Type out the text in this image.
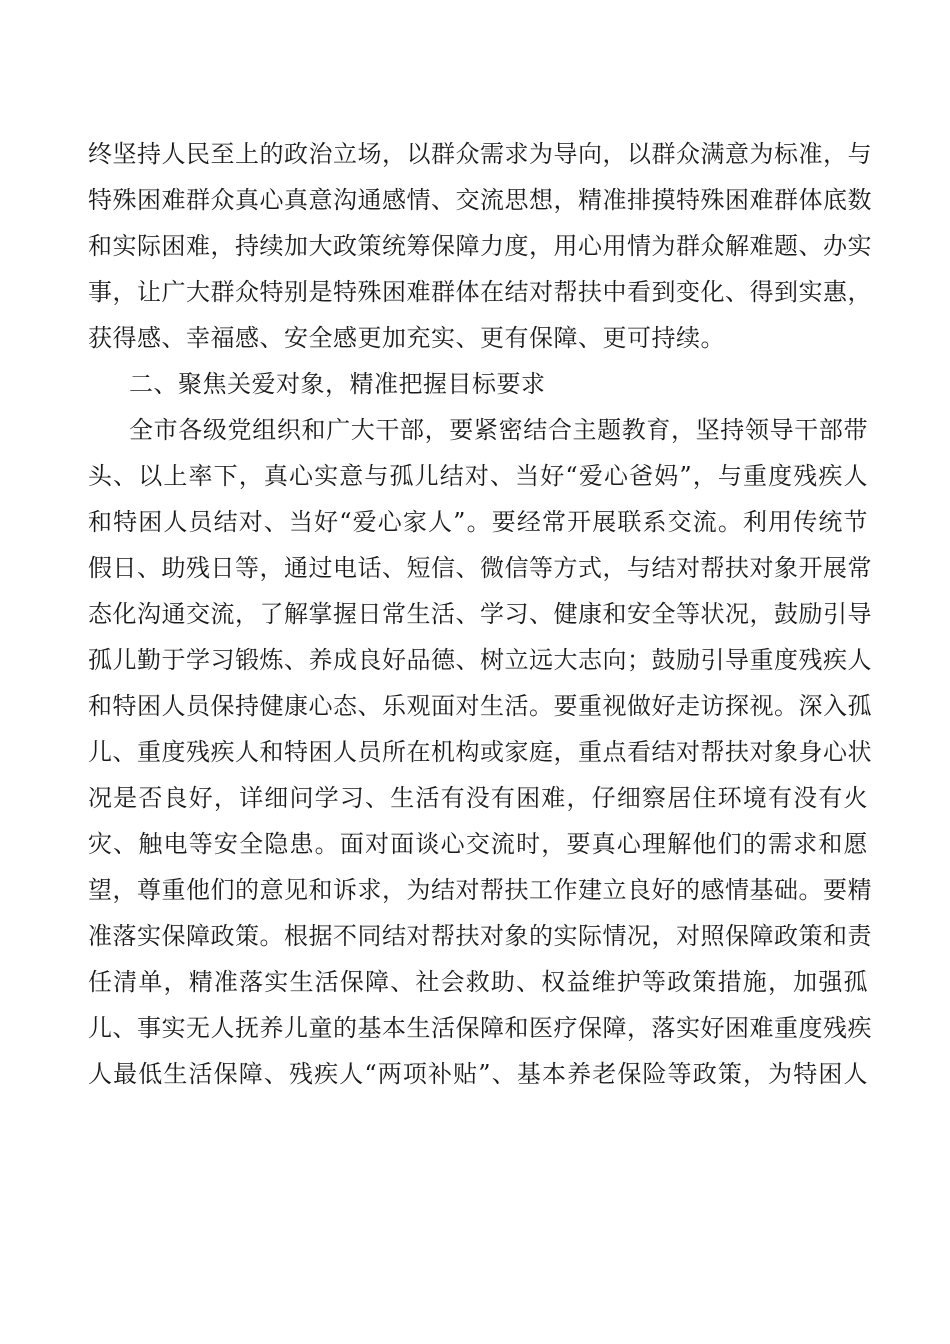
终坚持人民至上的政治立场，以群众需求为导向，以群众满意为标准，与
特殊困难群众真心真意沟通感情、交流思想，精准排摸特殊困难群体底数
和实际困难，持续加大政策统筹保障力度，用心用情为群众解难题、办实
事，让广大群众特别是特殊困难群体在结对帮扶中看到变化、得到实惠，
获得感、幸福感、安全感更加充实、更有保障、更可持续。
二、聚焦关爱对象，精准把握目标要求
全市各级党组织和广大干部，要紧密结合主题教育，坚持领导干部带
头、以上率下，真心实意与孤儿结对、当好“爱心爸妈”，与重度残疾人
和特困人员结对、当好“爱心家人”。要经常开展联系交流。利用传统节
假日、助残日等，通过电话、短信、微信等方式，与结对帮扶对象开展常
态化沟通交流，了解掌握日常生活、学习、健康和安全等状况，鼓励引导
孤儿勤于学习锻炼、养成良好品德、树立远大志向；鼓励引导重度残疾人
和特困人员保持健康心态、乐观面对生活。要重视做好走访探视。深入孤
儿、重度残疾人和特困人员所在机构或家庭，重点看结对帮扶对象身心状
况是否良好，详细问学习、生活有没有困难，仔细察居住环境有没有火
灾、触电等安全隐患。面对面谈心交流时，要真心理解他们的需求和愿
望，尊重他们的意见和诉求，为结对帮扶工作建立良好的感情基础。要精
准落实保障政策。根据不同结对帮扶对象的实际情况，对照保障政策和责
任清单，精准落实生活保障、社会救助、权益维护等政策措施，加强孤
儿、事实无人抚养儿童的基本生活保障和医疗保障，落实好困难重度残疾
人最低生活保障、残疾人“两项补贴”、基本养老保险等政策，为特困人
